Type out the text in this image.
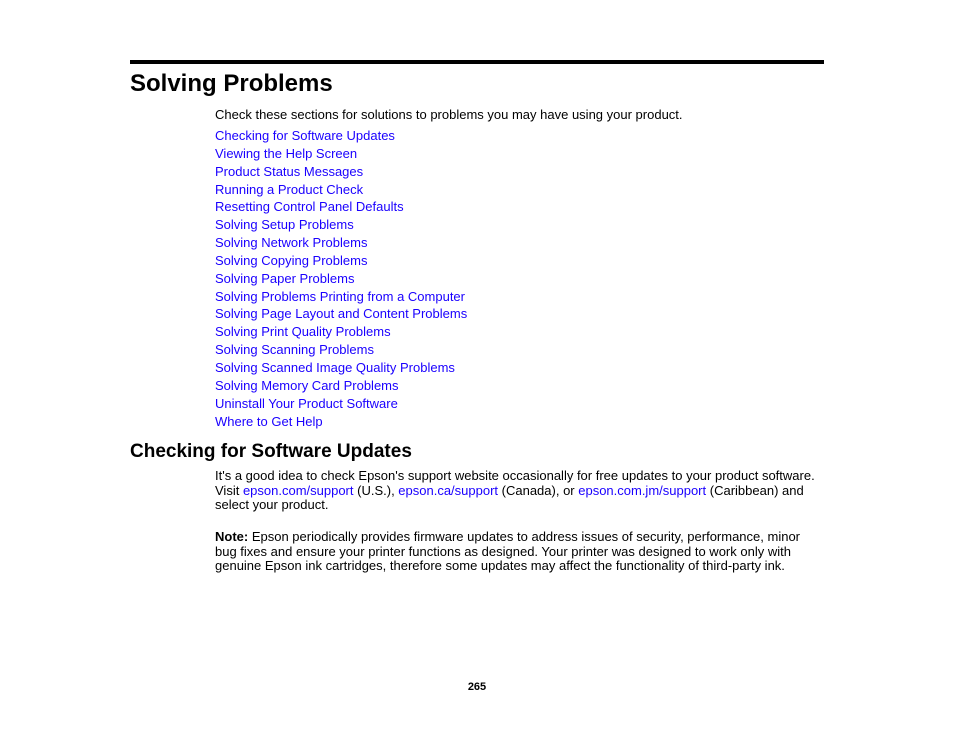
Solving Problems

Check these sections for solutions to problems you may have using your product.

Checking for Software Updates
Viewing the Help Screen
Product Status Messages
Running a Product Check
Resetting Control Panel Defaults
Solving Setup Problems
Solving Network Problems
Solving Copying Problems
Solving Paper Problems
Solving Problems Printing from a Computer
Solving Page Layout and Content Problems
Solving Print Quality Problems
Solving Scanning Problems
Solving Scanned Image Quality Problems
Solving Memory Card Problems
Uninstall Your Product Software
Where to Get Help
Checking for Software Updates

It's a good idea to check Epson's support website occasionally for free updates to your product software. Visit epson.com/support (U.S.), epson.ca/support (Canada), or epson.com.jm/support (Caribbean) and select your product.

Note: Epson periodically provides firmware updates to address issues of security, performance, minor bug fixes and ensure your printer functions as designed. Your printer was designed to work only with genuine Epson ink cartridges, therefore some updates may affect the functionality of third-party ink.

265
